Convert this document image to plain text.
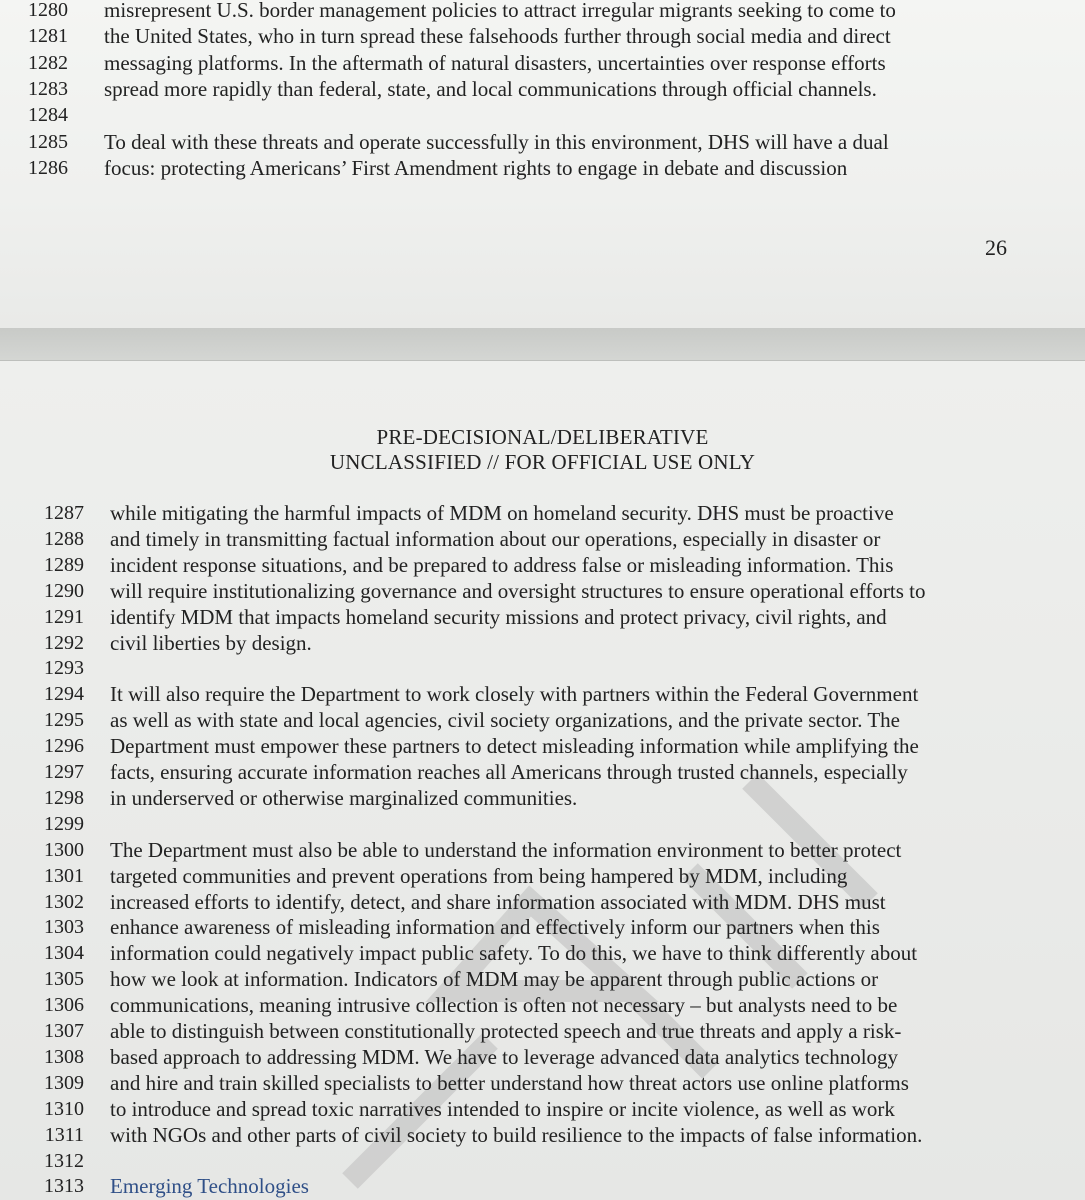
1280 misrepresent U.S. border management policies to attract irregular migrants seeking to come to
1281 the United States, who in turn spread these falsehoods further through social media and direct
1282 messaging platforms. In the aftermath of natural disasters, uncertainties over response efforts
1283 spread more rapidly than federal, state, and local communications through official channels.
1284
1285 To deal with these threats and operate successfully in this environment, DHS will have a dual
1286 focus: protecting Americans’ First Amendment rights to engage in debate and discussion
26
PRE-DECISIONAL/DELIBERATIVE
UNCLASSIFIED // FOR OFFICIAL USE ONLY
1287 while mitigating the harmful impacts of MDM on homeland security. DHS must be proactive
1288 and timely in transmitting factual information about our operations, especially in disaster or
1289 incident response situations, and be prepared to address false or misleading information. This
1290 will require institutionalizing governance and oversight structures to ensure operational efforts to
1291 identify MDM that impacts homeland security missions and protect privacy, civil rights, and
1292 civil liberties by design.
1293
1294 It will also require the Department to work closely with partners within the Federal Government
1295 as well as with state and local agencies, civil society organizations, and the private sector. The
1296 Department must empower these partners to detect misleading information while amplifying the
1297 facts, ensuring accurate information reaches all Americans through trusted channels, especially
1298 in underserved or otherwise marginalized communities.
1299
1300 The Department must also be able to understand the information environment to better protect
1301 targeted communities and prevent operations from being hampered by MDM, including
1302 increased efforts to identify, detect, and share information associated with MDM. DHS must
1303 enhance awareness of misleading information and effectively inform our partners when this
1304 information could negatively impact public safety. To do this, we have to think differently about
1305 how we look at information. Indicators of MDM may be apparent through public actions or
1306 communications, meaning intrusive collection is often not necessary – but analysts need to be
1307 able to distinguish between constitutionally protected speech and true threats and apply a risk-
1308 based approach to addressing MDM. We have to leverage advanced data analytics technology
1309 and hire and train skilled specialists to better understand how threat actors use online platforms
1310 to introduce and spread toxic narratives intended to inspire or incite violence, as well as work
1311 with NGOs and other parts of civil society to build resilience to the impacts of false information.
1312
1313 Emerging Technologies
